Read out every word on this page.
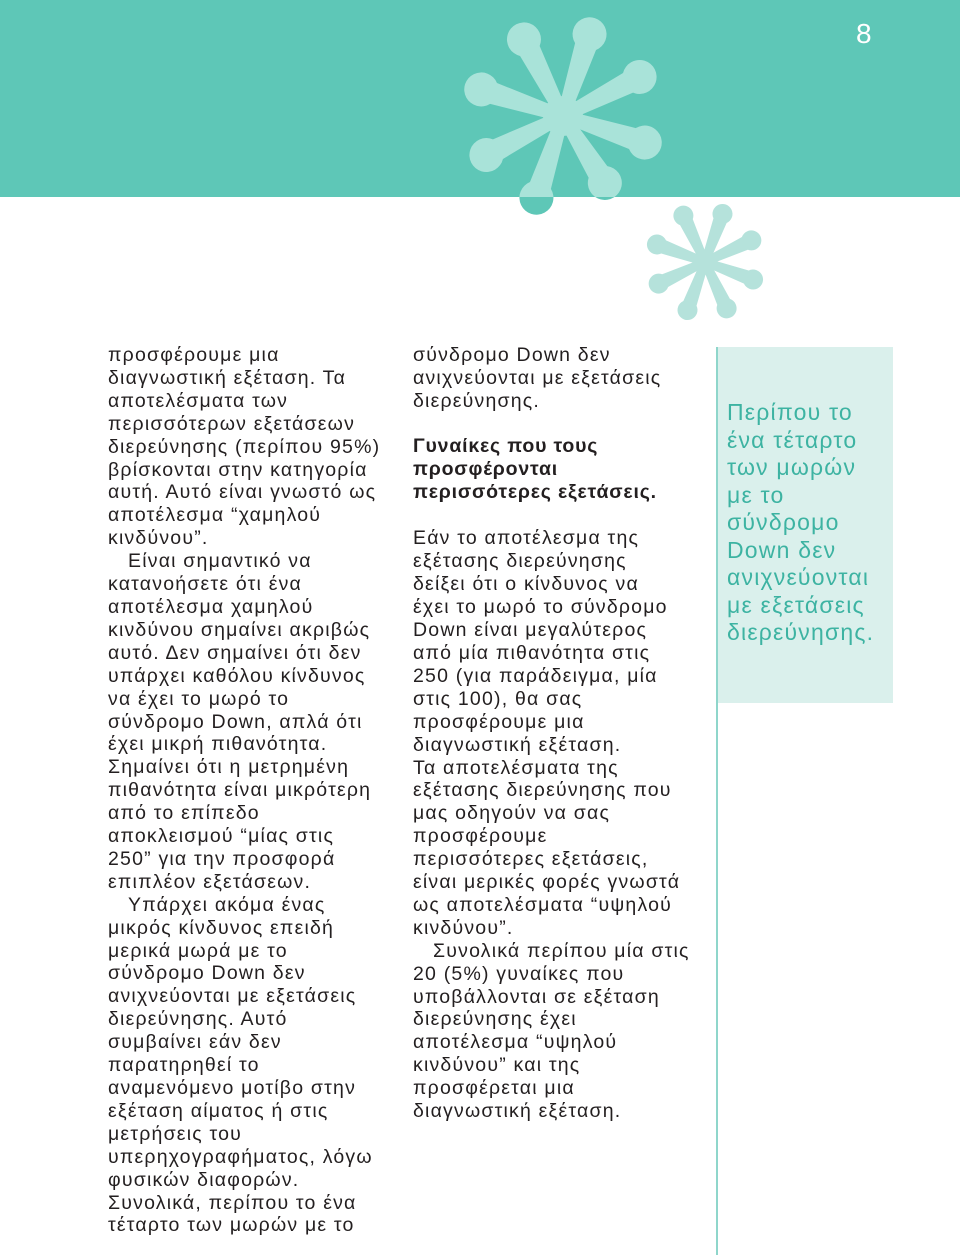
8
προσφέρουμε μια
διαγνωστική εξέταση. Τα
αποτελέσματα των
περισσότερων εξετάσεων
διερεύνησης (περίπου 95%)
βρίσκονται στην κατηγορία
αυτή. Αυτό είναι γνωστό ως
αποτέλεσμα “χαμηλού
κινδύνου”.
Είναι σημαντικό να
κατανοήσετε ότι ένα
αποτέλεσμα χαμηλού
κινδύνου σημαίνει ακριβώς
αυτό. Δεν σημαίνει ότι δεν
υπάρχει καθόλου κίνδυνος
να έχει το μωρό το
σύνδρομο Down, απλά ότι
έχει μικρή πιθανότητα.
Σημαίνει ότι η μετρημένη
πιθανότητα είναι μικρότερη
από το επίπεδο
αποκλεισμού “μίας στις
250” για την προσφορά
επιπλέον εξετάσεων.
Υπάρχει ακόμα ένας
μικρός κίνδυνος επειδή
μερικά μωρά με το
σύνδρομο Down δεν
ανιχνεύονται με εξετάσεις
διερεύνησης. Αυτό
συμβαίνει εάν δεν
παρατηρηθεί το
αναμενόμενο μοτίβο στην
εξέταση αίματος ή στις
μετρήσεις του
υπερηχογραφήματος, λόγω
φυσικών διαφορών.
Συνολικά, περίπου το ένα
τέταρτο των μωρών με το
σύνδρομο Down δεν
ανιχνεύονται με εξετάσεις
διερεύνησης.
Γυναίκες που τους
προσφέρονται
περισσότερες εξετάσεις.
Εάν το αποτέλεσμα της
εξέτασης διερεύνησης
δείξει ότι ο κίνδυνος να
έχει το μωρό το σύνδρομο
Down είναι μεγαλύτερος
από μία πιθανότητα στις
250 (για παράδειγμα, μία
στις 100), θα σας
προσφέρουμε μια
διαγνωστική εξέταση.
Τα αποτελέσματα της
εξέτασης διερεύνησης που
μας οδηγούν να σας
προσφέρουμε
περισσότερες εξετάσεις,
είναι μερικές φορές γνωστά
ως αποτελέσματα “υψηλού
κινδύνου”.
Συνολικά περίπου μία στις
20 (5%) γυναίκες που
υποβάλλονται σε εξέταση
διερεύνησης έχει
αποτέλεσμα “υψηλού
κινδύνου” και της
προσφέρεται μια
διαγνωστική εξέταση.
Περίπου το
ένα τέταρτο
των μωρών
με το
σύνδρομο
Down δεν
ανιχνεύονται
με εξετάσεις
διερεύνησης.
